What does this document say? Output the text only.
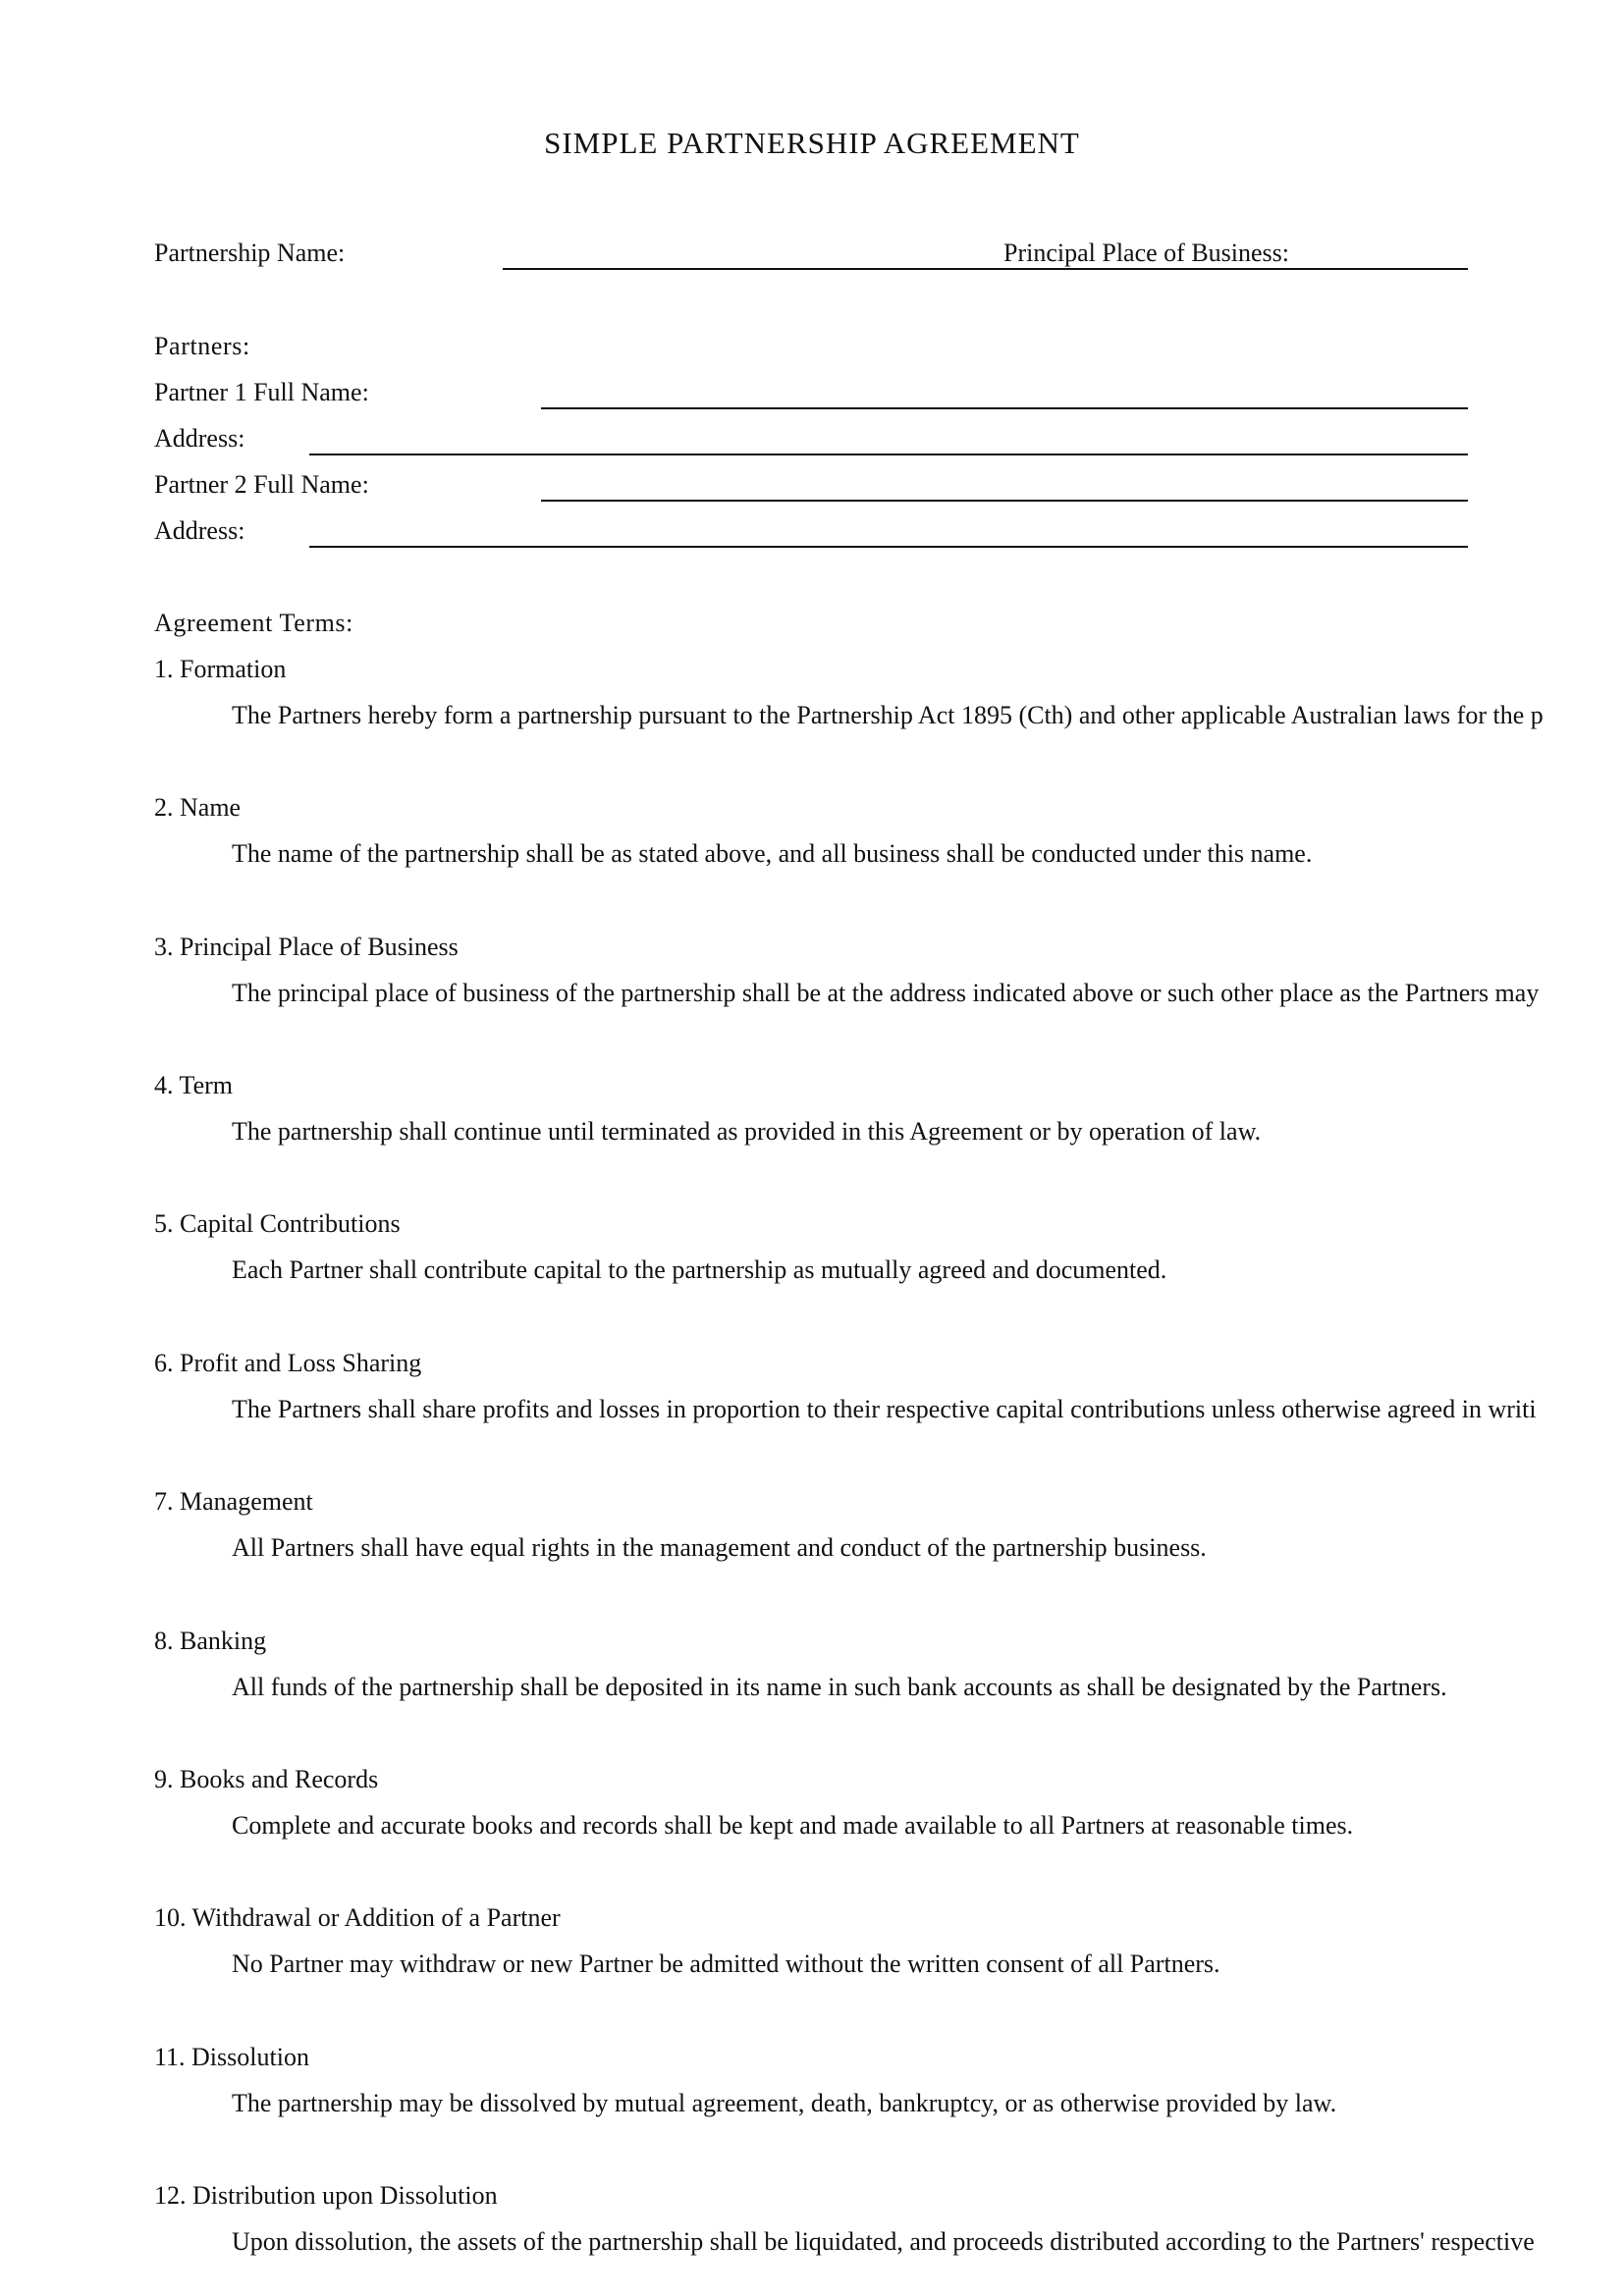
SIMPLE PARTNERSHIP AGREEMENT
Partnership Name:	Principal Place of Business:
Partners:
Partner 1 Full Name:
Address:
Partner 2 Full Name:
Address:
Agreement Terms:
1. Formation
The Partners hereby form a partnership pursuant to the Partnership Act 1895 (Cth) and other applicable Australian laws for the p
2. Name
The name of the partnership shall be as stated above, and all business shall be conducted under this name.
3. Principal Place of Business
The principal place of business of the partnership shall be at the address indicated above or such other place as the Partners may
4. Term
The partnership shall continue until terminated as provided in this Agreement or by operation of law.
5. Capital Contributions
Each Partner shall contribute capital to the partnership as mutually agreed and documented.
6. Profit and Loss Sharing
The Partners shall share profits and losses in proportion to their respective capital contributions unless otherwise agreed in writi
7. Management
All Partners shall have equal rights in the management and conduct of the partnership business.
8. Banking
All funds of the partnership shall be deposited in its name in such bank accounts as shall be designated by the Partners.
9. Books and Records
Complete and accurate books and records shall be kept and made available to all Partners at reasonable times.
10. Withdrawal or Addition of a Partner
No Partner may withdraw or new Partner be admitted without the written consent of all Partners.
11. Dissolution
The partnership may be dissolved by mutual agreement, death, bankruptcy, or as otherwise provided by law.
12. Distribution upon Dissolution
Upon dissolution, the assets of the partnership shall be liquidated, and proceeds distributed according to the Partners' respective
